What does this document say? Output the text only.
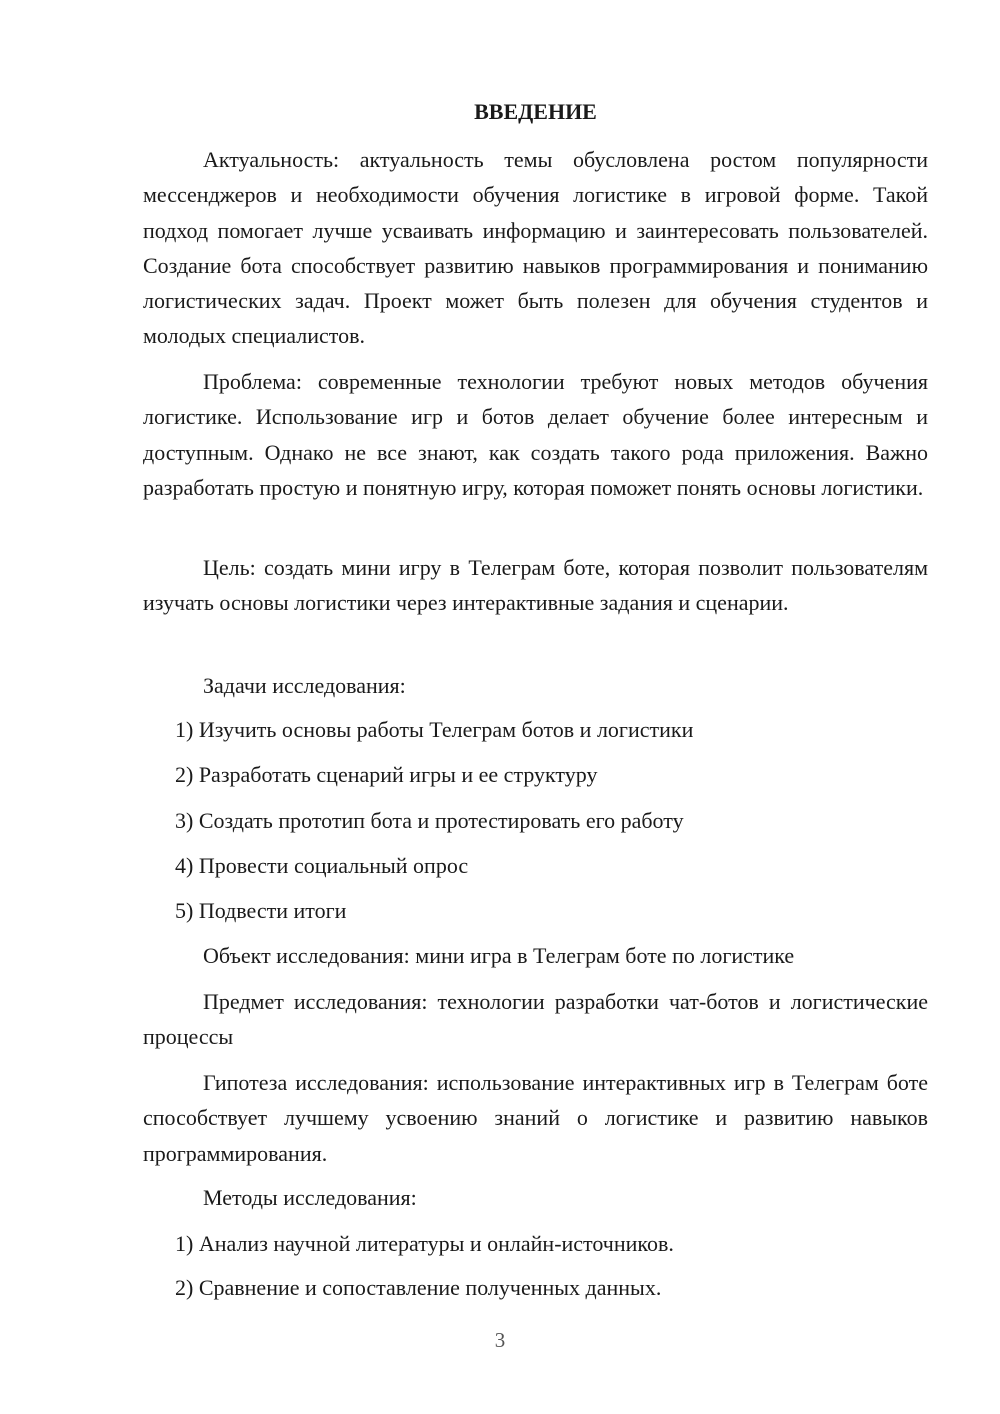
ВВЕДЕНИЕ

Актуальность: актуальность темы обусловлена ростом популярности мессенджеров и необходимости обучения логистике в игровой форме. Такой подход помогает лучше усваивать информацию и заинтересовать пользователей. Создание бота способствует развитию навыков программирования и пониманию логистических задач. Проект может быть полезен для обучения студентов и молодых специалистов.

Проблема: современные технологии требуют новых методов обучения логистике. Использование игр и ботов делает обучение более интересным и доступным. Однако не все знают, как создать такого рода приложения. Важно разработать простую и понятную игру, которая поможет понять основы логистики.

Цель: создать мини игру в Телеграм боте, которая позволит пользователям изучать основы логистики через интерактивные задания и сценарии.

Задачи исследования:

1) Изучить основы работы Телеграм ботов и логистики

2) Разработать сценарий игры и ее структуру

3) Создать прототип бота и протестировать его работу

4) Провести социальный опрос

5) Подвести итоги

Объект исследования: мини игра в Телеграм боте по логистике

Предмет исследования: технологии разработки чат-ботов и логистические процессы

Гипотеза исследования: использование интерактивных игр в Телеграм боте способствует лучшему усвоению знаний о логистике и развитию навыков программирования.

Методы исследования:

1) Анализ научной литературы и онлайн-источников.

2) Сравнение и сопоставление полученных данных.

3
